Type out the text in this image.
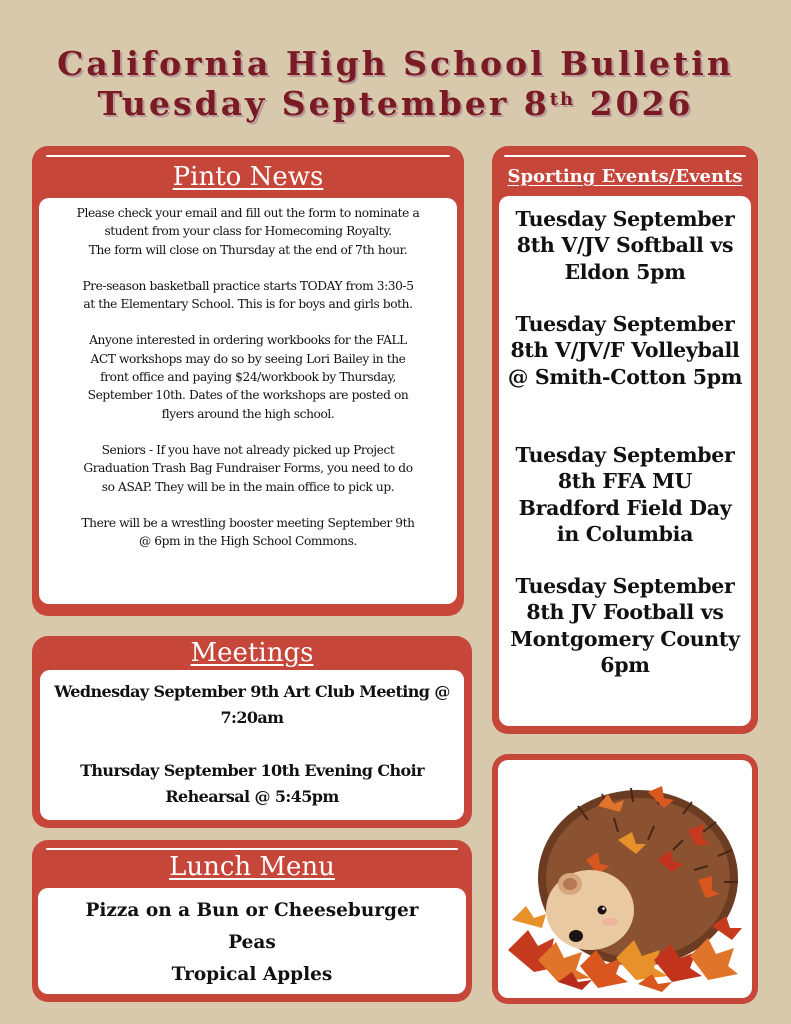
California High School Bulletin
Tuesday September 8th 2026
Pinto News

Please check your email and fill out the form to nominate a
student from your class for Homecoming Royalty.
The form will close on Thursday at the end of 7th hour.

Pre-season basketball practice starts TODAY from 3:30-5
at the Elementary School. This is for boys and girls both.

Anyone interested in ordering workbooks for the FALL
ACT workshops may do so by seeing Lori Bailey in the
front office and paying $24/workbook by Thursday,
September 10th. Dates of the workshops are posted on
flyers around the high school.

Seniors - If you have not already picked up Project
Graduation Trash Bag Fundraiser Forms, you need to do
so ASAP. They will be in the main office to pick up.

There will be a wrestling booster meeting September 9th
@ 6pm in the High School Commons.

Sporting Events/Events
Tuesday September 8th V/JV Softball vs Eldon 5pm
Tuesday September 8th V/JV/F Volleyball @ Smith-Cotton 5pm
Tuesday September 8th FFA MU Bradford Field Day in Columbia
Tuesday September 8th JV Football vs Montgomery County 6pm
Meetings
Wednesday September 9th Art Club Meeting @ 7:20am
Thursday September 10th Evening Choir Rehearsal @ 5:45pm
Lunch Menu
Pizza on a Bun or Cheeseburger
Peas
Tropical Apples
